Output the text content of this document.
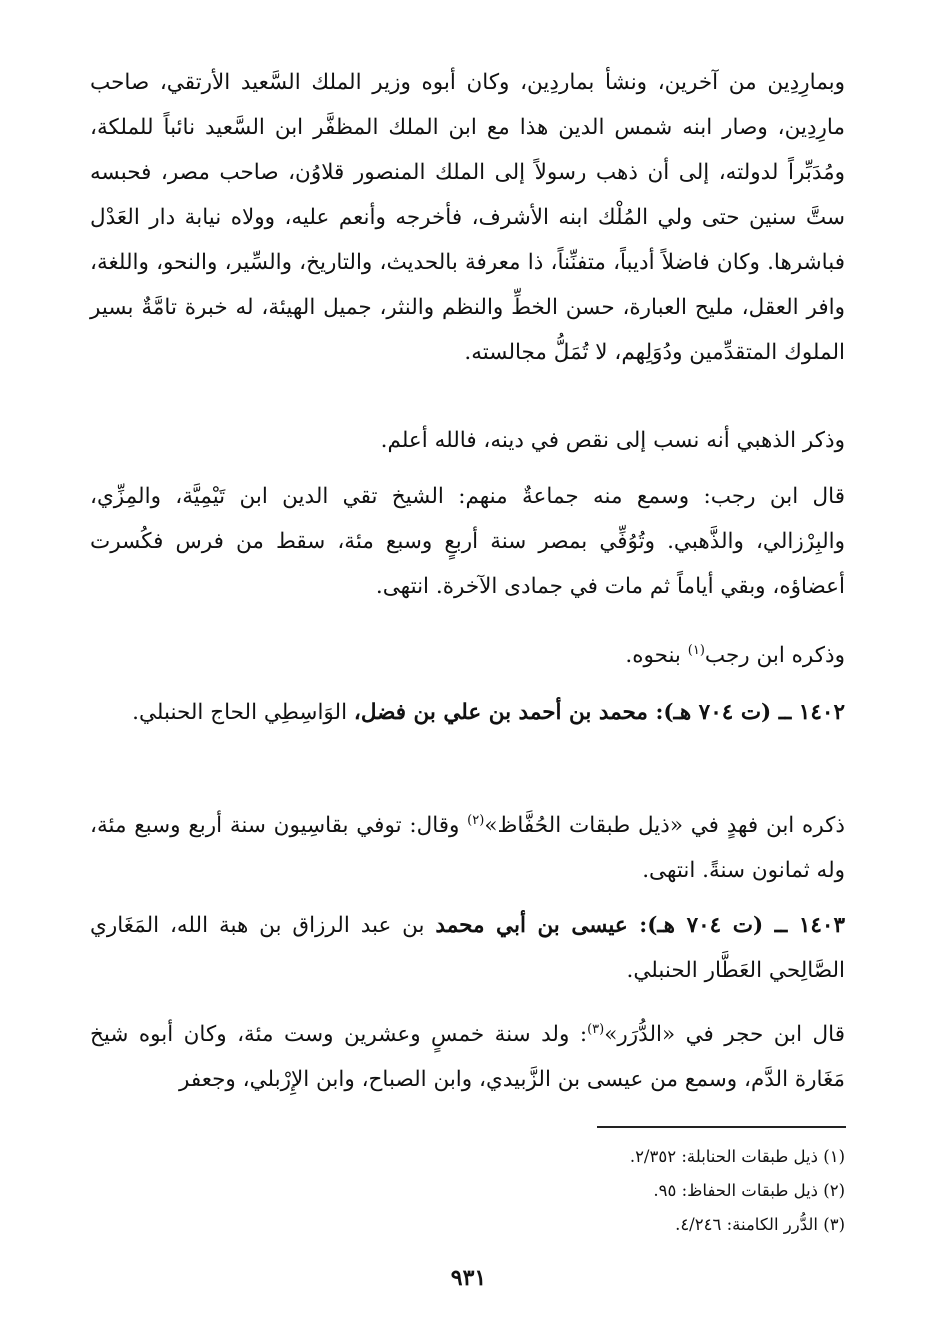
وبمارِدِين من آخرين، ونشأ بماردِين، وكان أبوه وزير الملك السَّعيد الأرتقي، صاحب مارِدِين، وصار ابنه شمس الدين هذا مع ابن الملك المظفَّر ابن السَّعيد نائباً للملكة، ومُدَبِّراً لدولته، إلى أن ذهب رسولاً إلى الملك المنصور قلاوُن، صاحب مصر، فحبسه ستَّ سنين حتى ولي المُلْك ابنه الأشرف، فأخرجه وأنعم عليه، وولاه نيابة دار العَدْل فباشرها. وكان فاضلاً أديباً، متفنِّناً، ذا معرفة بالحديث، والتاريخ، والسِّير، والنحو، واللغة، وافر العقل، مليح العبارة، حسن الخطِّ والنظم والنثر، جميل الهيئة، له خبرة تامَّةٌ بسير الملوك المتقدِّمين ودُوَلِهم، لا تُمَلُّ مجالسته.

وذكر الذهبي أنه نسب إلى نقص في دينه، فالله أعلم.

قال ابن رجب: وسمع منه جماعةٌ منهم: الشيخ تقي الدين ابن تَيْمِيَّة، والمِزِّي، والبِرْزالي، والذَّهبي. وتُوُفِّي بمصر سنة أربعٍ وسبع مئة، سقط من فرس فكُسرت أعضاؤه، وبقي أياماً ثم مات في جمادى الآخرة. انتهى.

وذكره ابن رجب$^{(١)}$ بنحوه.

١٤٠٢ ــ (ت ٧٠٤ هـ): محمد بن أحمد بن علي بن فضل، الوَاسِطِي الحاج الحنبلي.

ذكره ابن فهدٍ في «ذيل طبقات الحُفَّاظ»$^{(٢)}$ وقال: توفي بقاسِيون سنة أربع وسبع مئة، وله ثمانون سنةً. انتهى.

١٤٠٣ ــ (ت ٧٠٤ هـ): عيسى بن أبي محمد بن عبد الرزاق بن هبة الله، المَغَاري الصَّالِحي العَطَّار الحنبلي.

قال ابن حجر في «الدُّرَر»$^{(٣)}$: ولد سنة خمسٍ وعشرين وست مئة، وكان أبوه شيخ مَغَارة الدَّم، وسمع من عيسى بن الزَّبيدي، وابن الصباح، وابن الإِرْبلي، وجعفر

(١) ذيل طبقات الحنابلة: ٢/٣٥٢.
(٢) ذيل طبقات الحفاظ: ٩٥.
(٣) الدُّرر الكامنة: ٤/٢٤٦.
٩٣١
